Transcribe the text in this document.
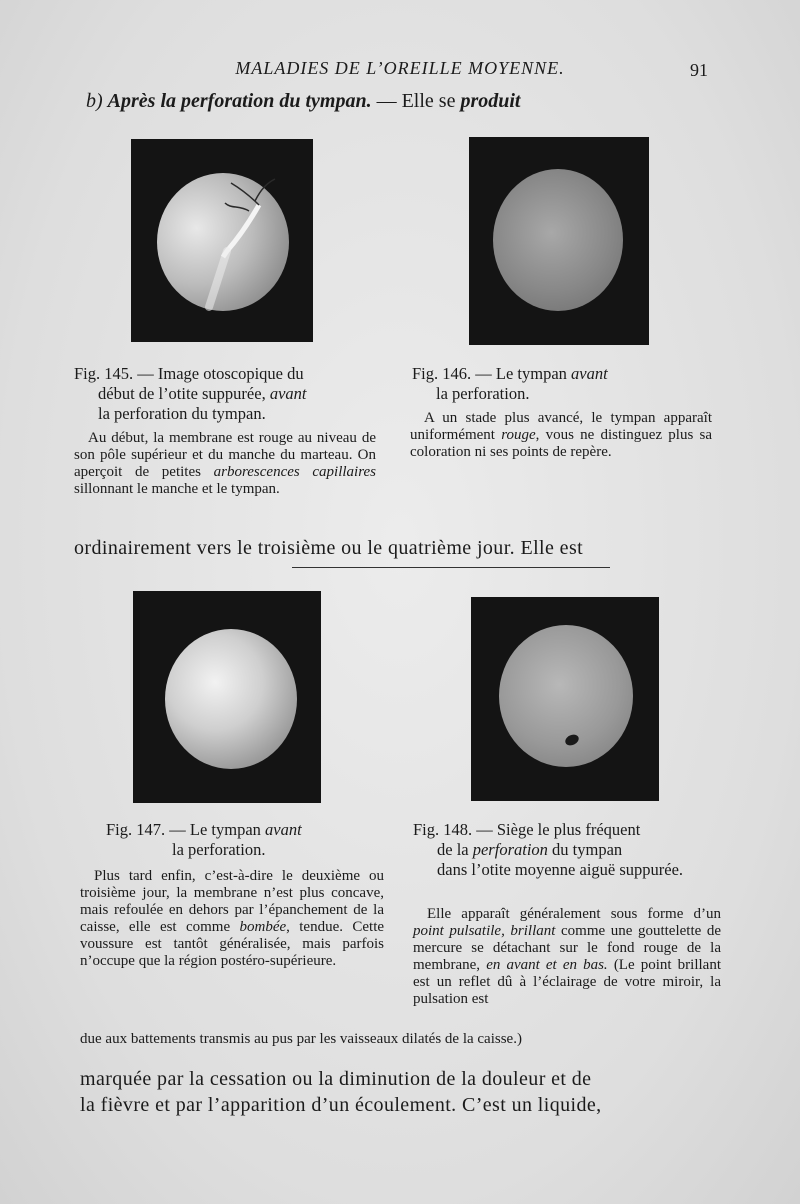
MALADIES DE L’OREILLE MOYENNE.	91
b) Après la perforation du tympan. — Elle se produit
Fig. 145. — Image otoscopique du
début de l’otite suppurée, avant
la perforation du tympan.
Au début, la membrane est rouge au niveau de son pôle supérieur et du manche du marteau. On aperçoit de petites arborescences capillaires sillonnant le manche et le tympan.
Fig. 146. — Le tympan avant
la perforation.
A un stade plus avancé, le tympan apparaît uniformément rouge, vous ne distinguez plus sa coloration ni ses points de repère.
ordinairement vers le troisième ou le quatrième jour. Elle est
Fig. 147. — Le tympan avant
la perforation.
Plus tard enfin, c’est-à-dire le deuxième ou troisième jour, la membrane n’est plus concave, mais refoulée en dehors par l’épanchement de la caisse, elle est comme bombée, tendue. Cette voussure est tantôt généralisée, mais parfois n’occupe que la région postéro-supérieure.
Fig. 148. — Siège le plus fréquent
de la perforation du tympan
dans l’otite moyenne aiguë suppurée.
Elle apparaît généralement sous forme d’un point pulsatile, brillant comme une gouttelette de mercure se détachant sur le fond rouge de la membrane, en avant et en bas. (Le point brillant est un reflet dû à l’éclairage de votre miroir, la pulsation est
due aux battements transmis au pus par les vaisseaux dilatés de la caisse.)
marquée par la cessation ou la diminution de la douleur et de
la fièvre et par l’apparition d’un écoulement. C’est un liquide,
